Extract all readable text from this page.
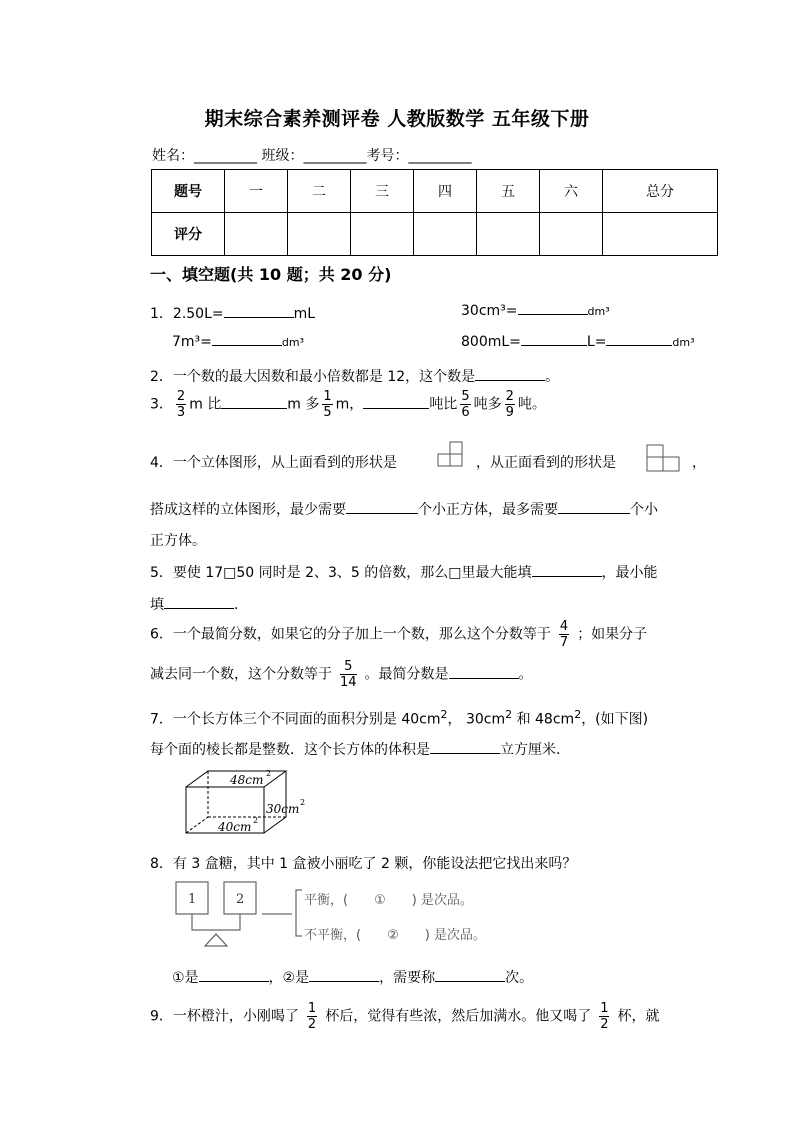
期末综合素养测评卷 人教版数学 五年级下册
姓名：_________ 班级：_________考号：_________
题号	一	二	三	四	五	六	总分
评分							
一、填空题(共 10 题；共 20 分)
1．2.50L=	mL	30cm³=	dm³
7m³=	dm³	800mL=	L=	dm³
2．一个数的最大因数和最小倍数都是 12，这个数是	。
3． $\frac{2}{3}$ m 比	m 多 $\frac{1}{5}$ m，	吨比 $\frac{5}{6}$ 吨多 $\frac{2}{9}$ 吨。
4．一个立体图形，从上面看到的形状是	，从正面看到的形状是	，
搭成这样的立体图形，最少需要	个小正方体，最多需要	个小
正方体。
5．要使 17□50 同时是 2、3、5 的倍数，那么□里最大能填	，最小能
填	.
6．一个最简分数，如果它的分子加上一个数，那么这个分数等于 $\frac{4}{7}$ ；如果分子
减去同一个数，这个分数等于 $\frac{5}{14}$ 。最简分数是	。
7．一个长方体三个不同面的面积分别是 $40cm^2$， $30cm^2$ 和 $48cm^2$，(如下图)
每个面的棱长都是整数．这个长方体的体积是	立方厘米.
48cm 2
30cm 2
40cm 2
8．有 3 盒糖，其中 1 盒被小丽吃了 2 颗，你能设法把它找出来吗？
1	2	平衡，(　　①　　) 是次品。
不平衡，(　　②　　) 是次品。
①是	，②是	，需要称	次。
9．一杯橙汁，小刚喝了 $\frac{1}{2}$ 杯后，觉得有些浓，然后加满水。他又喝了 $\frac{1}{2}$ 杯，就
